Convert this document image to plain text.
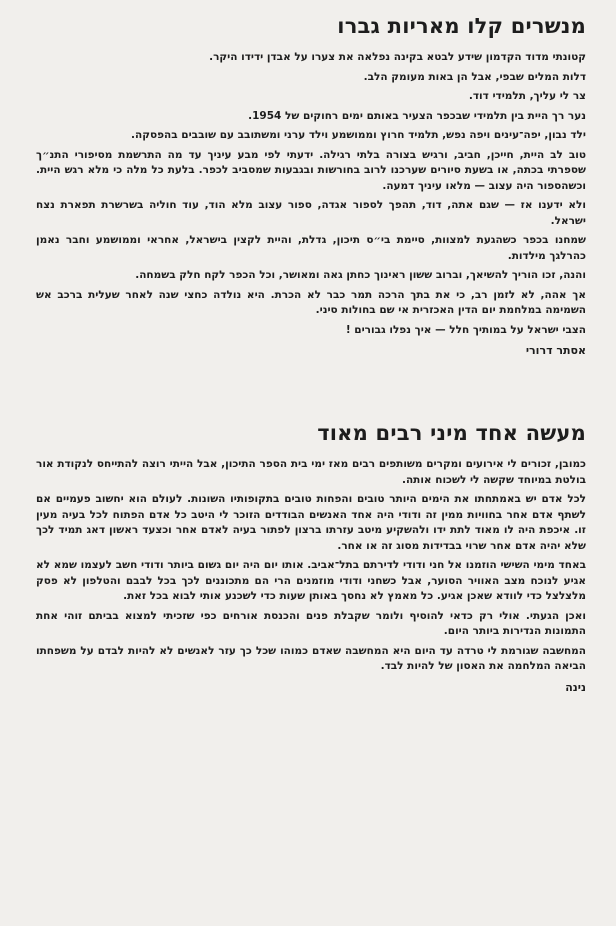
מנשרים קלו מאריות גברו

קטונתי מדוד הקדמון שידע לבטא בקינה נפלאה את צערו על אבדן ידידו היקר.

דלות המלים שבפי, אבל הן באות מעומק הלב.

צר לי עליך, תלמידי דוד.

נער רך היית בין תלמידי שבכפר הצעיר באותם ימים רחוקים של 1954.

ילד נבון, יפה־עינים ויפה נפש, תלמיד חרוץ וממושמע וילד ערני ומשתובב עם שובבים בהפסקה.

טוב לב היית, חייכן, חביב, ורגיש בצורה בלתי רגילה. ידעתי לפי מבע עיניך עד מה התרשמת מסיפורי התנ״ך שספרתי בכתה, או בשעת סיורים שערכנו לרוב בחורשות ובגבעות שמסביב לכפר. בלעת כל מלה כי מלא רגש היית. וכשהספור היה עצוב — מלאו עיניך דמעה.

ולא ידענו אז — שגם אתה, דוד, תהפך לספור אגדה, ספור עצוב מלא הוד, עוד חוליה בשרשרת תפארת נצח ישראל.

שמחנו בכפר כשהגעת למצוות, סיימת בי״ס תיכון, גדלת, והיית לקצין בישראל, אחראי וממושמע וחבר נאמן כהרלגך מילדות.

והנה, זכו הוריך להשיאך, וברוב ששון ראינוך כחתן גאה ומאושר, וכל הכפר לקח חלק בשמחה.

אך אהה, לא לזמן רב, כי את בתך הרכה תמר כבר לא הכרת. היא נולדה כחצי שנה לאחר שעלית ברכב אש השמימה במלחמת יום הדין האכזרית אי שם בחולות סיני.

הצבי ישראל על במותיך חלל — איך נפלו גבורים !

אסתר דרורי
מעשה אחד מיני רבים מאוד

כמובן, זכורים לי אירועים ומקרים משותפים רבים מאז ימי בית הספר התיכון, אבל הייתי רוצה להתייחס לנקודת אור בולטת במיוחד שקשה לי לשכוח אותה.

לכל אדם יש באמתחתו את הימים היותר טובים והפחות טובים בתקופותיו השונות. לעולם הוא יחשוב פעמיים אם לשתף אדם אחר בחוויות ממין זה ודודי היה אחד האנשים הבודדים הזוכר לי היטב כל אדם הפתוח לכל בעיה מעין זו. איכפת היה לו מאוד לתת ידו ולהשקיע מיטב עזרתו ברצון לפתור בעיה לאדם אחר וכצעד ראשון דאג תמיד לכך שלא יהיה אדם אחר שרוי בבדידות מסוג זה או אחר.

באחד מימי השישי הוזמנו אל חני ודודי לדירתם בתל־אביב. אותו יום היה יום גשום ביותר ודודי חשב לעצמו שמא לא אגיע לנוכח מצב האוויר הסוער, אבל כשחני ודודי מוזמנים הרי הם מתכוננים לכך בכל לבבם והטלפון לא פסק מלצלצל כדי לוודא שאכן אגיע. כל מאמץ לא נחסך באותן שעות כדי לשכנע אותי לבוא בכל זאת.

ואכן הגעתי. אולי רק כדאי להוסיף ולומר שקבלת פנים והכנסת אורחים כפי שזכיתי למצוא בביתם זוהי אחת התמונות הנדירות ביותר היום.

המחשבה שגורמת לי טרדה עד היום היא המחשבה שאדם כמוהו שכל כך עזר לאנשים לא להיות לבדם על משפחתו הביאה המלחמה את האסון של להיות לבד.

נינה
